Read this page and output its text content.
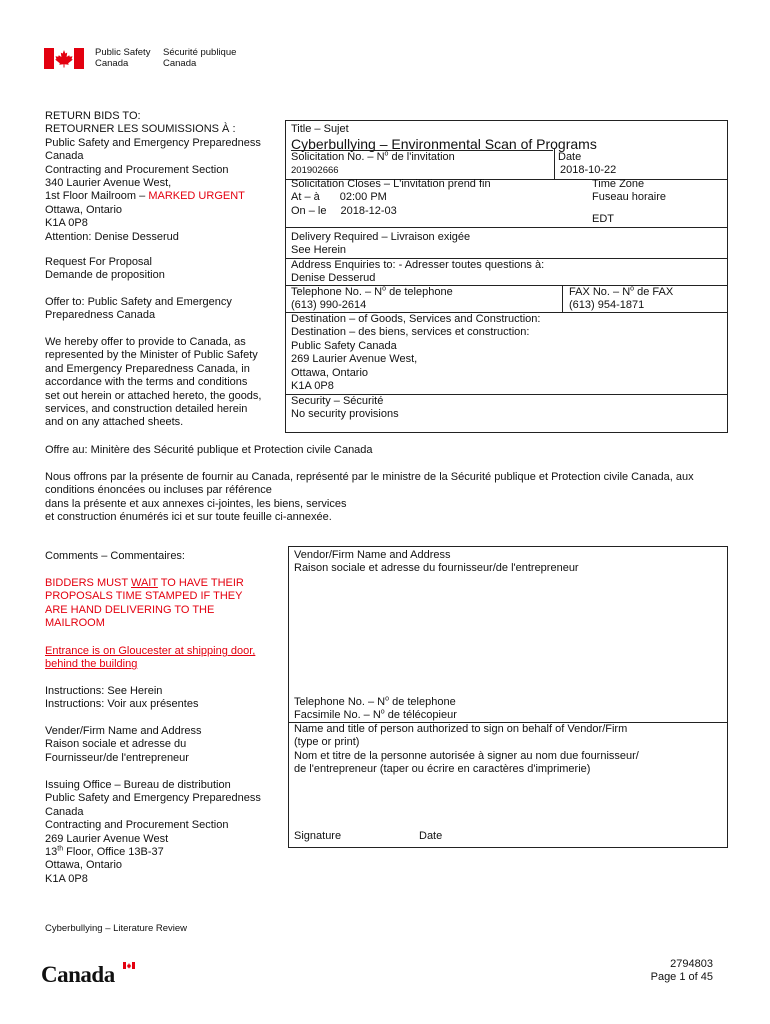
Public Safety
Canada
Sécurité publique
Canada
RETURN BIDS TO:
RETOURNER LES SOUMISSIONS À :
Public Safety and Emergency Preparedness
Canada
Contracting and Procurement Section
340 Laurier Avenue West,
1st Floor Mailroom – MARKED URGENT
Ottawa, Ontario
K1A 0P8
Attention: Denise Desserud
Request For Proposal
Demande de proposition
Offer to: Public Safety and Emergency
Preparedness Canada
We hereby offer to provide to Canada, as
represented by the Minister of Public Safety
and Emergency Preparedness Canada, in
accordance with the terms and conditions
set out herein or attached hereto, the goods,
services, and construction detailed herein
and on any attached sheets.
Title – Sujet
Cyberbullying – Environmental Scan of Programs
Solicitation No. – $N^o$ de l'invitation
201902666
Date
2018-10-22
Solicitation Closes – L'invitation prend fin
At – à 02:00 PM
On – le 2018-12-03
Time Zone
Fuseau horaire
EDT
Delivery Required – Livraison exigée
See Herein
Address Enquiries to: - Adresser toutes questions à:
Denise Desserud
Telephone No. – $N^o$ de telephone
(613) 990-2614
FAX No. – $N^o$ de FAX
(613) 954-1871
Destination – of Goods, Services and Construction:
Destination – des biens, services et construction:
Public Safety Canada
269 Laurier Avenue West,
Ottawa, Ontario
K1A 0P8
Security – Sécurité
No security provisions
Offre au: Minitère des Sécurité publique et Protection civile Canada
Nous offrons par la présente de fournir au Canada, représenté par le ministre de la Sécurité publique et Protection civile Canada, aux
conditions énoncées ou incluses par référence
dans la présente et aux annexes ci-jointes, les biens, services
et construction énumérés ici et sur toute feuille ci-annexée.
Comments – Commentaires:
BIDDERS MUST WAIT TO HAVE THEIR
PROPOSALS TIME STAMPED IF THEY
ARE HAND DELIVERING TO THE
MAILROOM
Entrance is on Gloucester at shipping door,
behind the building
Instructions: See Herein
Instructions: Voir aux présentes
Vender/Firm Name and Address
Raison sociale et adresse du
Fournisseur/de l'entrepreneur
Issuing Office – Bureau de distribution
Public Safety and Emergency Preparedness
Canada
Contracting and Procurement Section
269 Laurier Avenue West
13th Floor, Office 13B-37
Ottawa, Ontario
K1A 0P8
Vendor/Firm Name and Address
Raison sociale et adresse du fournisseur/de l'entrepreneur
Telephone No. – $N^o$ de telephone
Facsimile No. – $N^o$ de télécopieur
Name and title of person authorized to sign on behalf of Vendor/Firm
(type or print)
Nom et titre de la personne autorisée à signer au nom due fournisseur/
de l'entrepreneur (taper ou écrire en caractères d'imprimerie)
Signature	Date
Cyberbullying – Literature Review
Canada	2794803
Page 1 of 45
